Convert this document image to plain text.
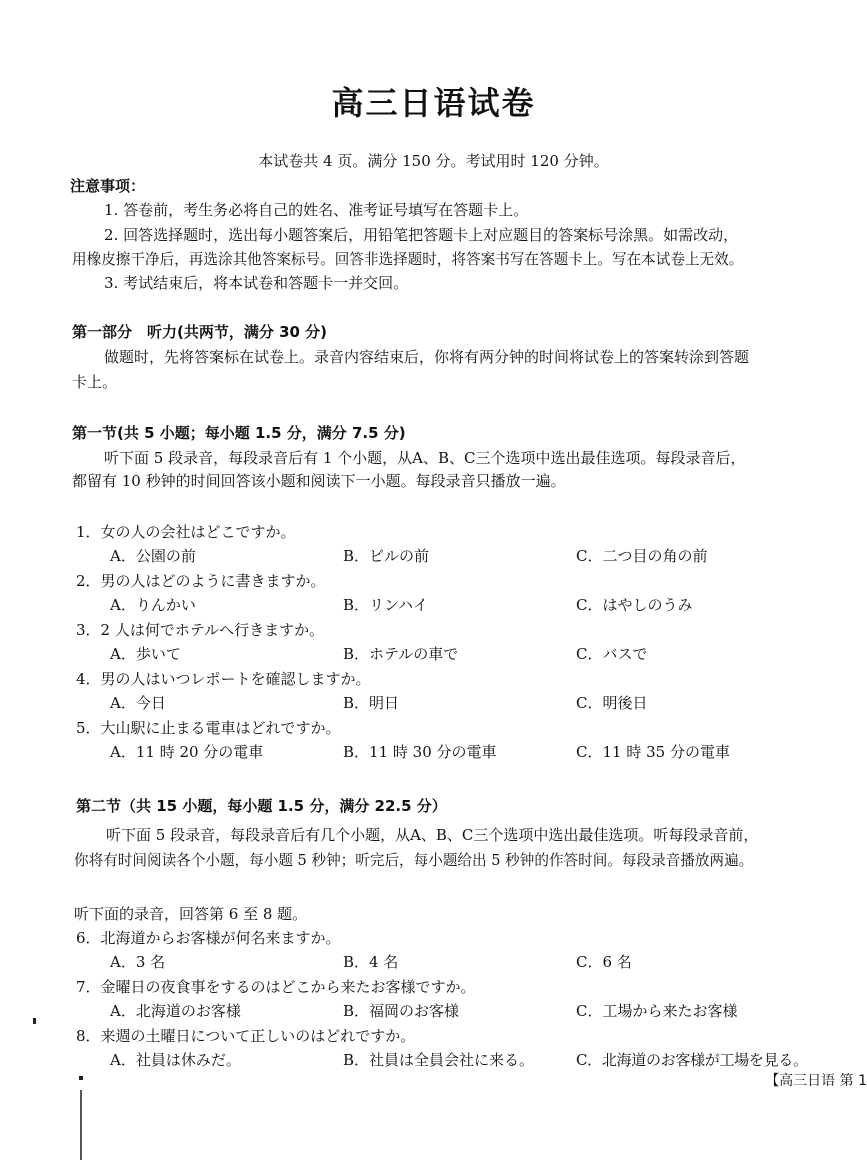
高三日语试卷
本试卷共 4 页。满分 150 分。考试用时 120 分钟。
注意事项：
1. 答卷前，考生务必将自己的姓名、准考证号填写在答题卡上。
2. 回答选择题时，选出每小题答案后，用铅笔把答题卡上对应题目的答案标号涂黑。如需改动，
用橡皮擦干净后，再选涂其他答案标号。回答非选择题时，将答案书写在答题卡上。写在本试卷上无效。
3. 考试结束后，将本试卷和答题卡一并交回。
第一部分　听力(共两节，满分 30 分)
做题时，先将答案标在试卷上。录音内容结束后，你将有两分钟的时间将试卷上的答案转涂到答题
卡上。
第一节(共 5 小题；每小题 1.5 分，满分 7.5 分)
听下面 5 段录音，每段录音后有 1 个小题，从A、B、C三个选项中选出最佳选项。每段录音后，
都留有 10 秒钟的时间回答该小题和阅读下一小题。每段录音只播放一遍。
1．女の人の会社はどこですか。
A．公園の前	B．ビルの前	C．二つ目の角の前
2．男の人はどのように書きますか。
A．りんかい	B．リンハイ	C．はやしのうみ
3．2 人は何でホテルへ行きますか。
A．歩いて	B．ホテルの車で	C．バスで
4．男の人はいつレポートを確認しますか。
A．今日	B．明日	C．明後日
5．大山駅に止まる電車はどれですか。
A．11 時 20 分の電車	B．11 時 30 分の電車	C．11 時 35 分の電車
第二节（共 15 小题，每小题 1.5 分，满分 22.5 分）
听下面 5 段录音，每段录音后有几个小题，从A、B、C三个选项中选出最佳选项。听每段录音前，
你将有时间阅读各个小题，每小题 5 秒钟；听完后，每小题给出 5 秒钟的作答时间。每段录音播放两遍。
听下面的录音，回答第 6 至 8 题。
6．北海道からお客様が何名来ますか。
A．3 名	B．4 名	C．6 名
7．金曜日の夜食事をするのはどこから来たお客様ですか。
A．北海道のお客様	B．福岡のお客様	C．工場から来たお客様
8．来週の土曜日について正しいのはどれですか。
A．社員は休みだ。	B．社員は全員会社に来る。	C．北海道のお客様が工場を見る。
【高三日语 第 1
